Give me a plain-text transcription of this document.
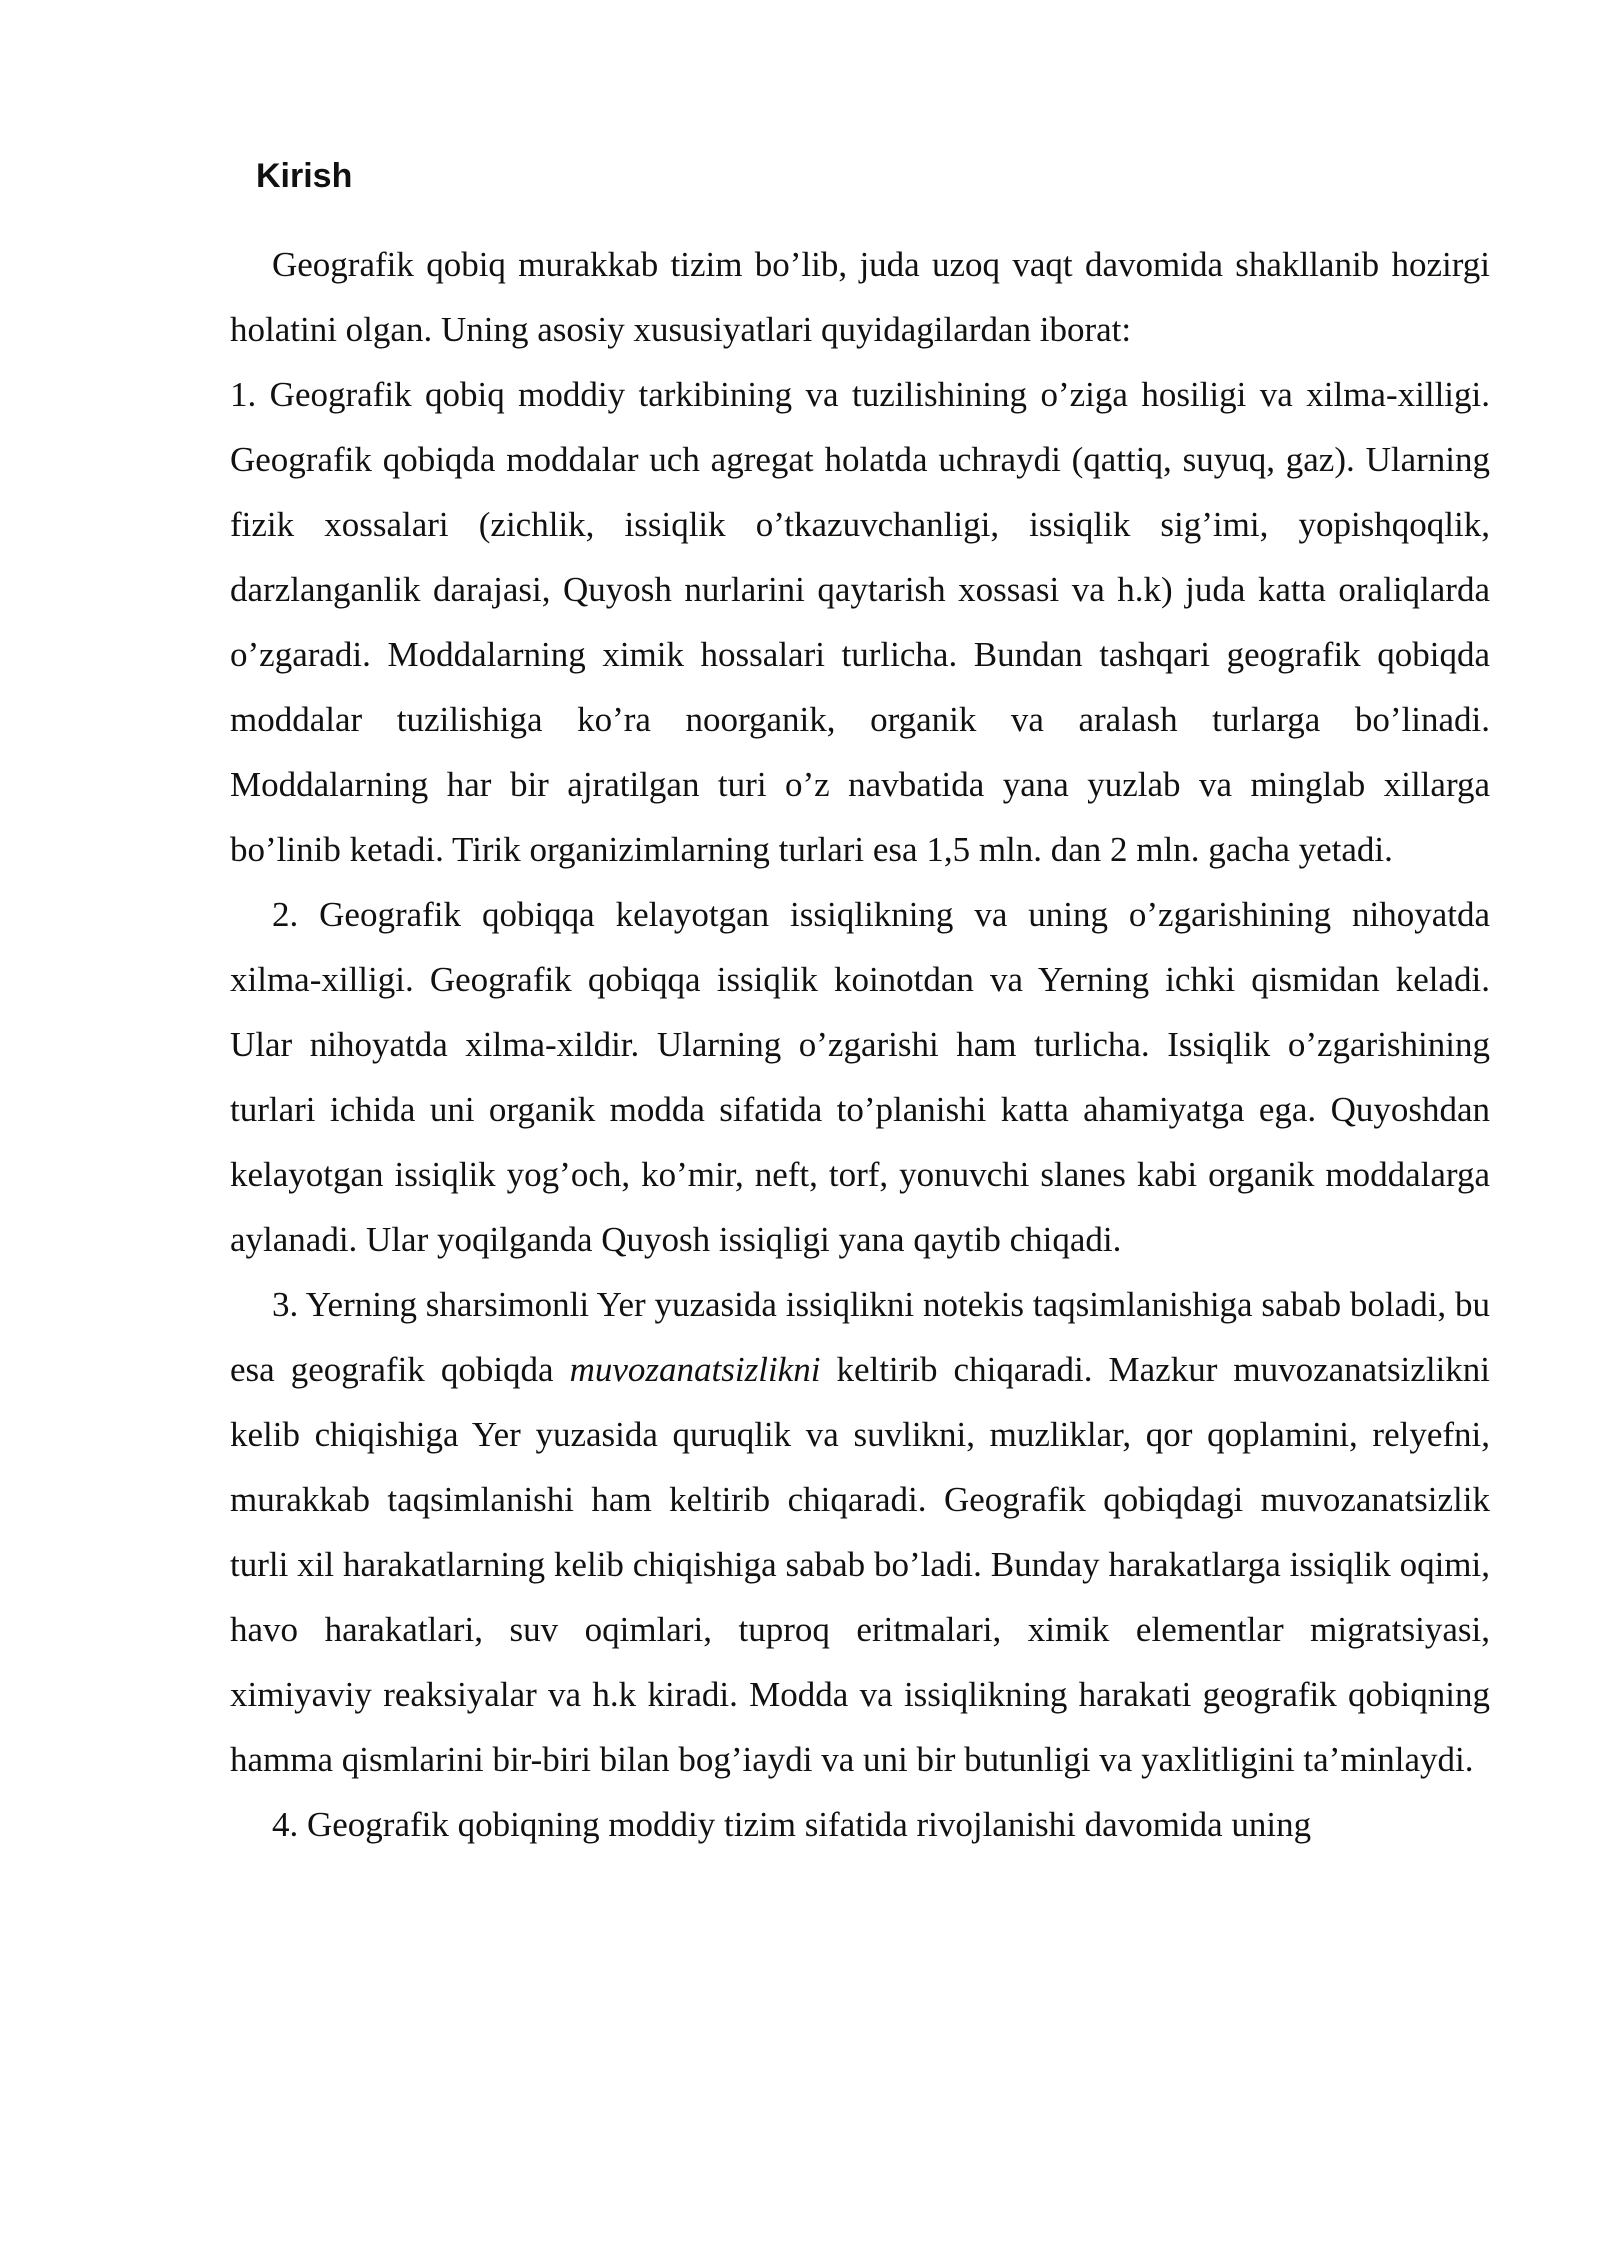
Kirish

Geografik qobiq murakkab tizim bo’lib, juda uzoq vaqt davomida shakllanib hozirgi holatini olgan. Uning asosiy xususiyatlari quyidagilardan iborat:

1. Geografik qobiq moddiy tarkibining va tuzilishining o’ziga hosiligi va xilma-xilligi. Geografik qobiqda moddalar uch agregat holatda uchraydi (qattiq, suyuq, gaz). Ularning fizik xossalari (zichlik, issiqlik o’tkazuvchanligi, issiqlik sig’imi, yopishqoqlik, darzlanganlik darajasi, Quyosh nurlarini qaytarish xossasi va h.k) juda katta oraliqlarda o’zgaradi. Moddalarning ximik hossalari turlicha. Bundan tashqari geografik qobiqda moddalar tuzilishiga ko’ra noorganik, organik va aralash turlarga bo’linadi. Moddalarning har bir ajratilgan turi o’z navbatida yana yuzlab va minglab xillarga bo’linib ketadi. Tirik organizimlarning turlari esa 1,5 mln. dan 2 mln. gacha yetadi.

2. Geografik qobiqqa kelayotgan issiqlikning va uning o’zgarishining nihoyatda xilma-xilligi. Geografik qobiqqa issiqlik koinotdan va Yerning ichki qismidan keladi. Ular nihoyatda xilma-xildir. Ularning o’zgarishi ham turlicha. Issiqlik o’zgarishining turlari ichida uni organik modda sifatida to’planishi katta ahamiyatga ega. Quyoshdan kelayotgan issiqlik yog’och, ko’mir, neft, torf, yonuvchi slanes kabi organik moddalarga aylanadi. Ular yoqilganda Quyosh issiqligi yana qaytib chiqadi.

3. Yerning sharsimonli Yer yuzasida issiqlikni notekis taqsimlanishiga sabab boladi, bu esa geografik qobiqda muvozanatsizlikni keltirib chiqaradi. Mazkur muvozanatsizlikni kelib chiqishiga Yer yuzasida quruqlik va suvlikni, muzliklar, qor qoplamini, relyefni, murakkab taqsimlanishi ham keltirib chiqaradi. Geografik qobiqdagi muvozanatsizlik turli xil harakatlarning kelib chiqishiga sabab bo’ladi. Bunday harakatlarga issiqlik oqimi, havo harakatlari, suv oqimlari, tuproq eritmalari, ximik elementlar migratsiyasi, ximiyaviy reaksiyalar va h.k kiradi. Modda va issiqlikning harakati geografik qobiqning hamma qismlarini bir-biri bilan bog’iaydi va uni bir butunligi va yaxlitligini ta’minlaydi.

4. Geografik qobiqning moddiy tizim sifatida rivojlanishi davomida uning
